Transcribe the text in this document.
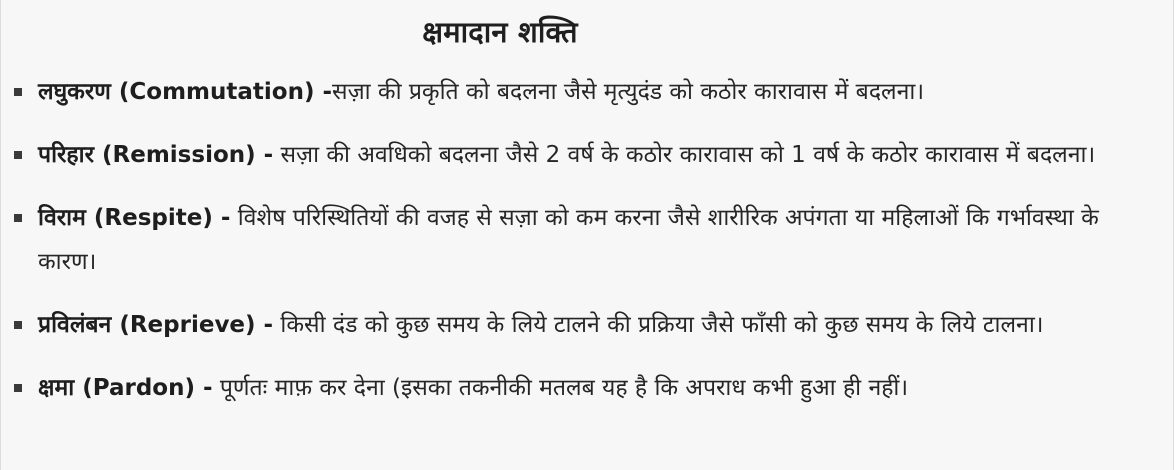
क्षमादान शक्ति
लघुकरण (Commutation) -सज़ा की प्रकृति को बदलना जैसे मृत्युदंड को कठोर कारावास में बदलना।
परिहार (Remission) - सज़ा की अवधिको बदलना जैसे 2 वर्ष के कठोर कारावास को 1 वर्ष के कठोर कारावास में बदलना।
विराम (Respite) - विशेष परिस्थितियों की वजह से सज़ा को कम करना जैसे शारीरिक अपंगता या महिलाओं कि गर्भावस्था के कारण।
प्रविलंबन (Reprieve) - किसी दंड को कुछ समय के लिये टालने की प्रक्रिया जैसे फाँसी को कुछ समय के लिये टालना।
क्षमा (Pardon) - पूर्णतः माफ़ कर देना (इसका तकनीकी मतलब यह है कि अपराध कभी हुआ ही नहीं।
